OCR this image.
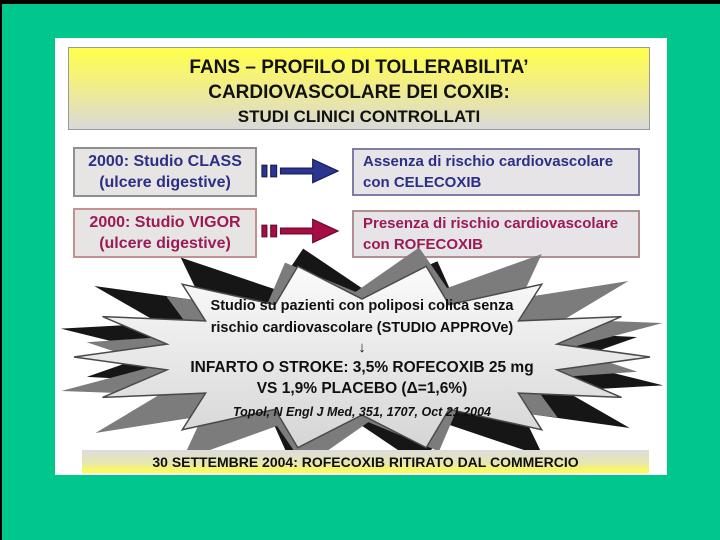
FANS – PROFILO DI TOLLERABILITA’
CARDIOVASCOLARE DEI COXIB:
STUDI CLINICI CONTROLLATI
2000: Studio CLASS
(ulcere digestive)
Assenza di rischio cardiovascolare
con CELECOXIB
2000: Studio VIGOR
(ulcere digestive)
Presenza di rischio cardiovascolare
con ROFECOXIB
Studio su pazienti con poliposi colica senza
rischio cardiovascolare (STUDIO APPROVe)
↓
INFARTO O STROKE: 3,5% ROFECOXIB 25 mg
VS 1,9% PLACEBO (Δ=1,6%)
Topol, N Engl J Med, 351, 1707, Oct 21 2004
30 SETTEMBRE 2004: ROFECOXIB RITIRATO DAL COMMERCIO
